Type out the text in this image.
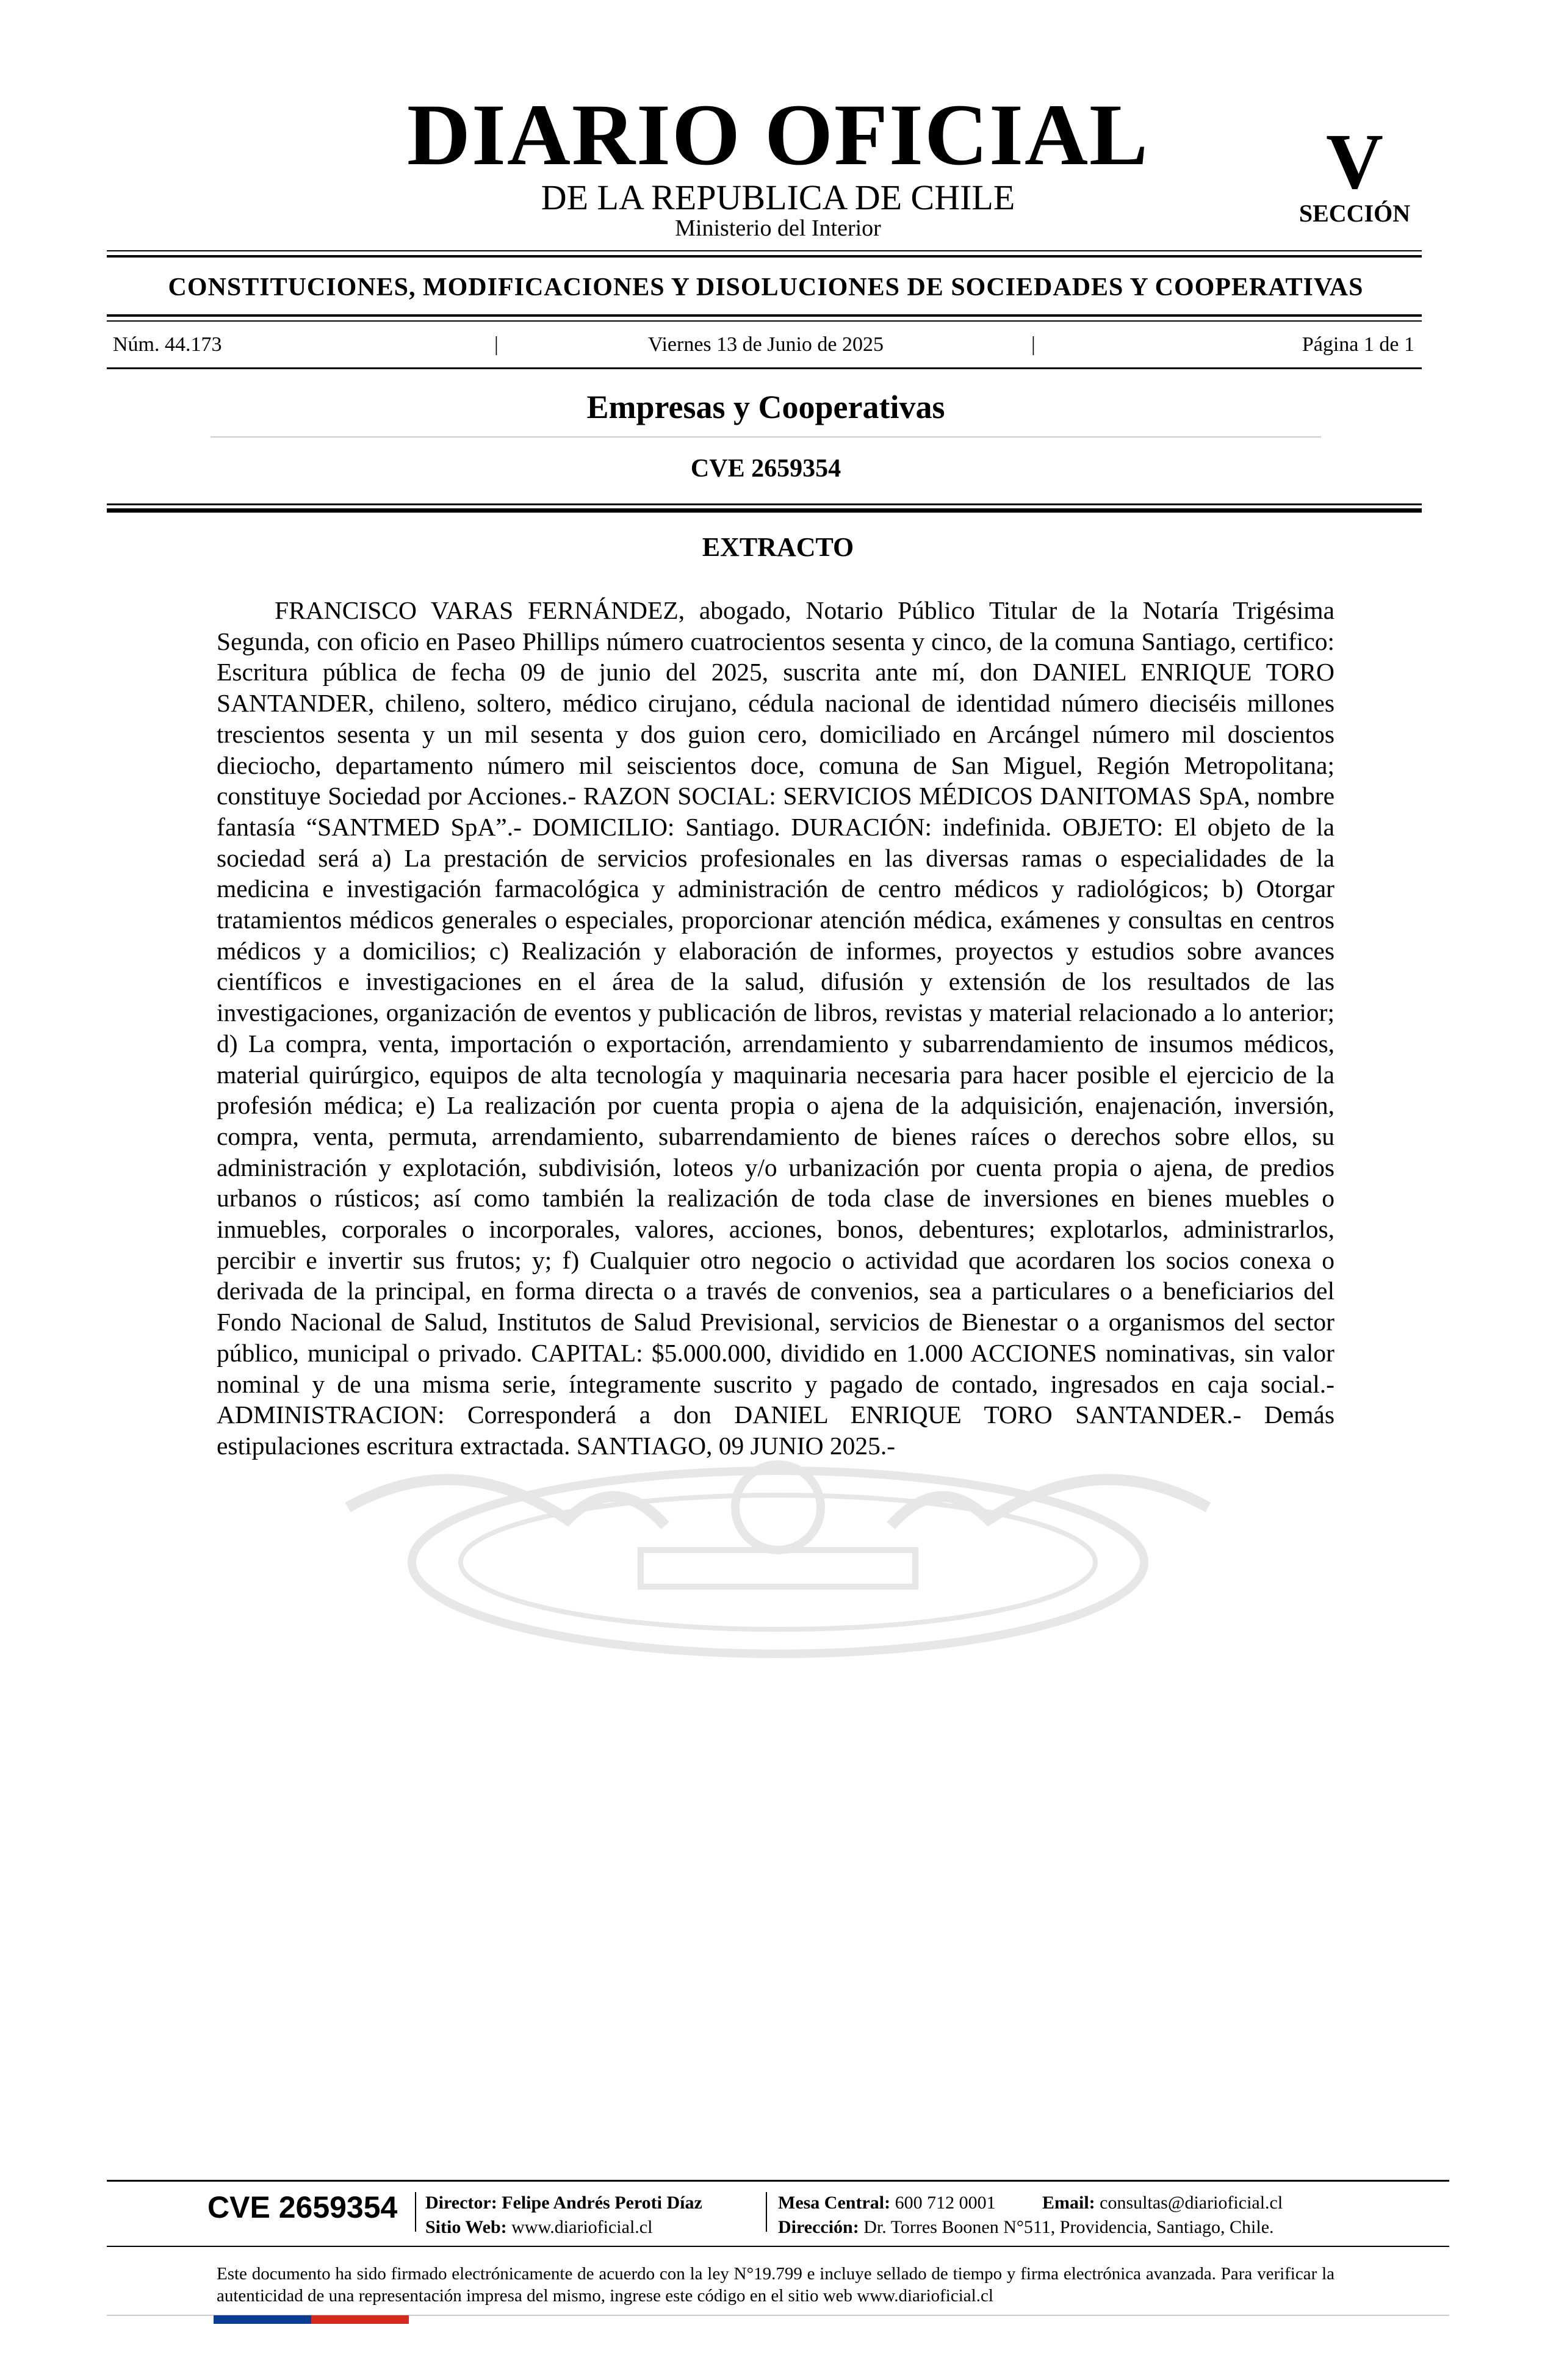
DIARIO OFICIAL
DE LA REPUBLICA DE CHILE
Ministerio del Interior
V
SECCIÓN
CONSTITUCIONES, MODIFICACIONES Y DISOLUCIONES DE SOCIEDADES Y COOPERATIVAS
Núm. 44.173	|	Viernes 13 de Junio de 2025	|	Página 1 de 1
Empresas y Cooperativas
CVE 2659354
EXTRACTO

FRANCISCO VARAS FERNÁNDEZ, abogado, Notario Público Titular de la Notaría Trigésima Segunda, con oficio en Paseo Phillips número cuatrocientos sesenta y cinco, de la comuna Santiago, certifico: Escritura pública de fecha 09 de junio del 2025, suscrita ante mí, don DANIEL ENRIQUE TORO SANTANDER, chileno, soltero, médico cirujano, cédula nacional de identidad número dieciséis millones trescientos sesenta y un mil sesenta y dos guion cero, domiciliado en Arcángel número mil doscientos dieciocho, departamento número mil seiscientos doce, comuna de San Miguel, Región Metropolitana; constituye Sociedad por Acciones.- RAZON SOCIAL: SERVICIOS MÉDICOS DANITOMAS SpA, nombre fantasía “SANTMED SpA”.- DOMICILIO: Santiago. DURACIÓN: indefinida. OBJETO: El objeto de la sociedad será a) La prestación de servicios profesionales en las diversas ramas o especialidades de la medicina e investigación farmacológica y administración de centro médicos y radiológicos; b) Otorgar tratamientos médicos generales o especiales, proporcionar atención médica, exámenes y consultas en centros médicos y a domicilios; c) Realización y elaboración de informes, proyectos y estudios sobre avances científicos e investigaciones en el área de la salud, difusión y extensión de los resultados de las investigaciones, organización de eventos y publicación de libros, revistas y material relacionado a lo anterior; d) La compra, venta, importación o exportación, arrendamiento y subarrendamiento de insumos médicos, material quirúrgico, equipos de alta tecnología y maquinaria necesaria para hacer posible el ejercicio de la profesión médica; e) La realización por cuenta propia o ajena de la adquisición, enajenación, inversión, compra, venta, permuta, arrendamiento, subarrendamiento de bienes raíces o derechos sobre ellos, su administración y explotación, subdivisión, loteos y/o urbanización por cuenta propia o ajena, de predios urbanos o rústicos; así como también la realización de toda clase de inversiones en bienes muebles o inmuebles, corporales o incorporales, valores, acciones, bonos, debentures; explotarlos, administrarlos, percibir e invertir sus frutos; y; f) Cualquier otro negocio o actividad que acordaren los socios conexa o derivada de la principal, en forma directa o a través de convenios, sea a particulares o a beneficiarios del Fondo Nacional de Salud, Institutos de Salud Previsional, servicios de Bienestar o a organismos del sector público, municipal o privado. CAPITAL: $5.000.000, dividido en 1.000 ACCIONES nominativas, sin valor nominal y de una misma serie, íntegramente suscrito y pagado de contado, ingresados en caja social.- ADMINISTRACION: Corresponderá a don DANIEL ENRIQUE TORO SANTANDER.- Demás estipulaciones escritura extractada. SANTIAGO, 09 JUNIO 2025.-

CVE 2659354 Director: Felipe Andrés Peroti Díaz
Sitio Web: www.diarioficial.cl
Mesa Central: 600 712 0001	Email: consultas@diarioficial.cl
Dirección: Dr. Torres Boonen N°511, Providencia, Santiago, Chile.

Este documento ha sido firmado electrónicamente de acuerdo con la ley N°19.799 e incluye sellado de tiempo y firma electrónica avanzada. Para verificar la autenticidad de una representación impresa del mismo, ingrese este código en el sitio web www.diarioficial.cl
